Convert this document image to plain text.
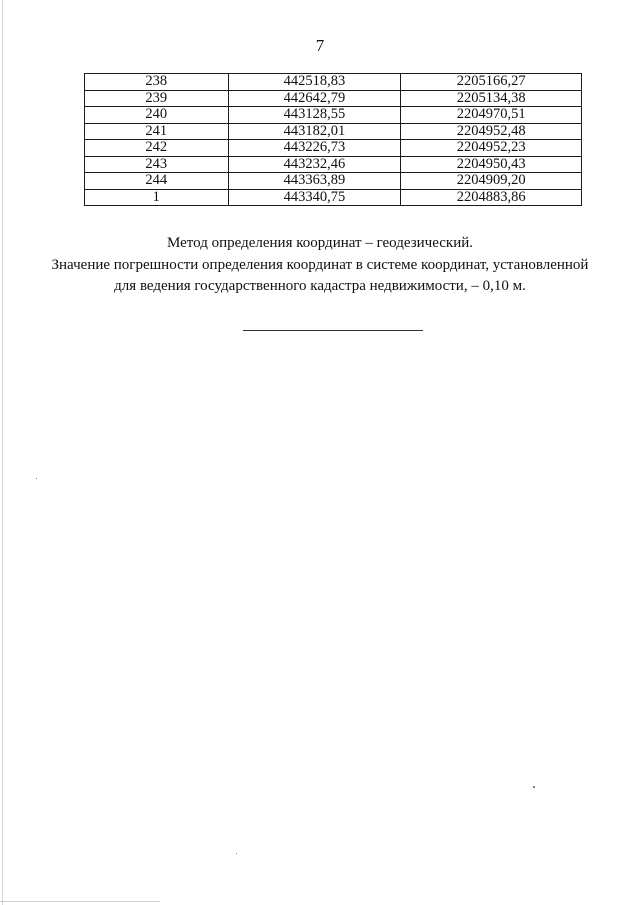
7
238	442518,83	2205166,27
239	442642,79	2205134,38
240	443128,55	2204970,51
241	443182,01	2204952,48
242	443226,73	2204952,23
243	443232,46	2204950,43
244	443363,89	2204909,20
1	443340,75	2204883,86

Метод определения координат – геодезический.

Значение погрешности определения координат в системе координат, установленной

для ведения государственного кадастра недвижимости, – 0,10 м.
